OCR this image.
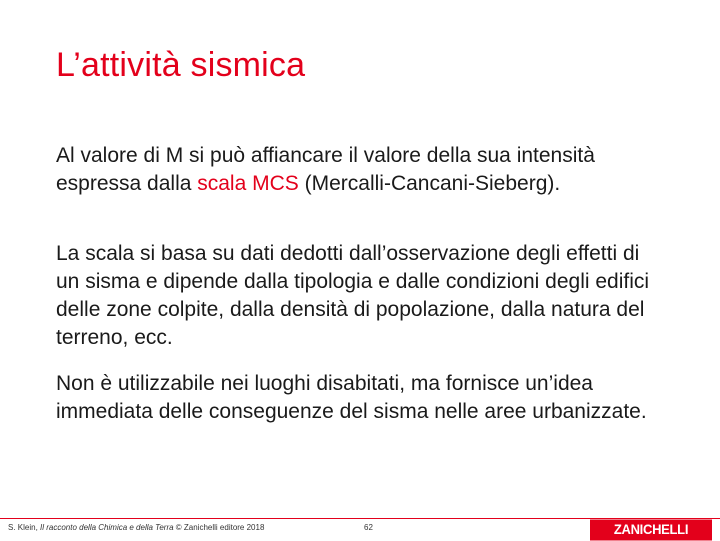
L’attività sismica

Al valore di M si può affiancare il valore della sua intensità espressa dalla scala MCS (Mercalli-Cancani-Sieberg).

La scala si basa su dati dedotti dall’osservazione degli effetti di un sisma e dipende dalla tipologia e dalle condizioni degli edifici delle zone colpite, dalla densità di popolazione, dalla natura del terreno, ecc.

Non è utilizzabile nei luoghi disabitati, ma fornisce un’idea immediata delle conseguenze del sisma nelle aree urbanizzate.

S. Klein, Il racconto della Chimica e della Terra © Zanichelli editore 2018	62	ZANICHELLI
